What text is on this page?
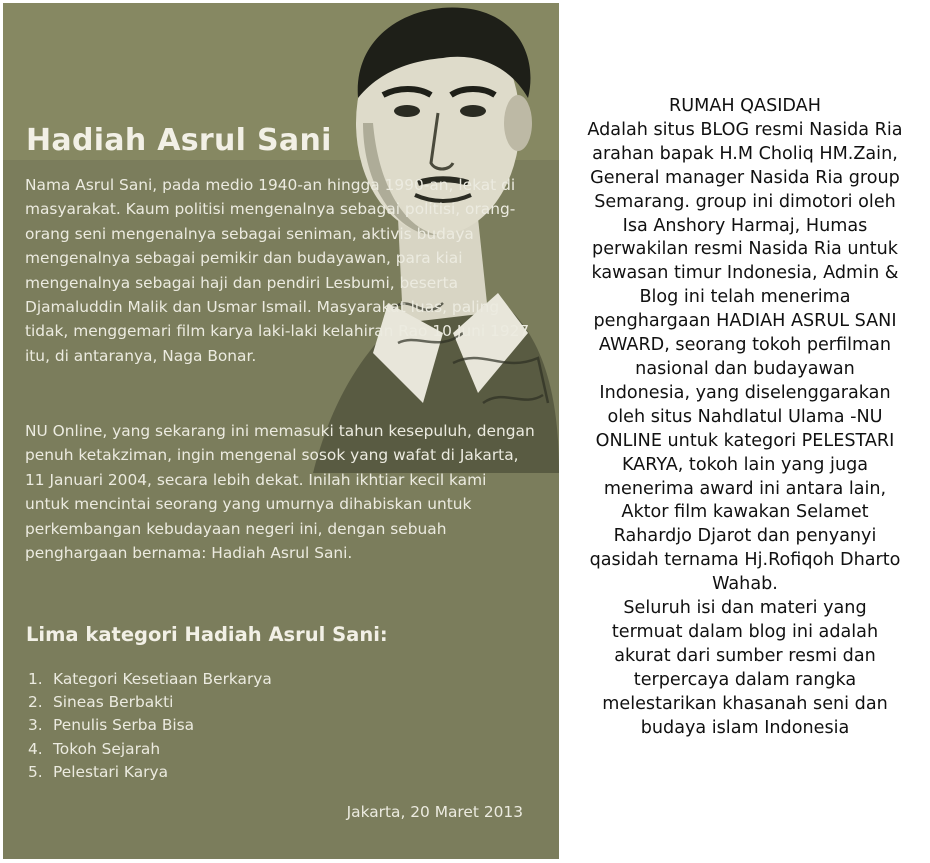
Hadiah Asrul Sani

Nama Asrul Sani, pada medio 1940-an hingga 1990-an, lekat di masyarakat. Kaum politisi mengenalnya sebagai politisi, orang-orang seni mengenalnya sebagai seniman, aktivis budaya mengenalnya sebagai pemikir dan budayawan, para kiai mengenalnya sebagai haji dan pendiri Lesbumi, beserta Djamaluddin Malik dan Usmar Ismail. Masyarakat luas, paling tidak, menggemari film karya laki-laki kelahiran Rao 10 Juni 1927 itu, di antaranya, Naga Bonar.

NU Online, yang sekarang ini memasuki tahun kesepuluh, dengan penuh ketakziman, ingin mengenal sosok yang wafat di Jakarta, 11 Januari 2004, secara lebih dekat. Inilah ikhtiar kecil kami untuk mencintai seorang yang umurnya dihabiskan untuk perkembangan kebudayaan negeri ini, dengan sebuah penghargaan bernama: Hadiah Asrul Sani.

Lima kategori Hadiah Asrul Sani:
1. Kategori Kesetiaan Berkarya
2. Sineas Berbakti
3. Penulis Serba Bisa
4. Tokoh Sejarah
5. Pelestari Karya
Jakarta, 20 Maret 2013

RUMAH QASIDAH
Adalah situs BLOG resmi Nasida Ria
arahan bapak H.M Choliq HM.Zain,
General manager Nasida Ria group
Semarang. group ini dimotori oleh
Isa Anshory Harmaj, Humas
perwakilan resmi Nasida Ria untuk
kawasan timur Indonesia, Admin &
Blog ini telah menerima
penghargaan HADIAH ASRUL SANI
AWARD, seorang tokoh perfilman
nasional dan budayawan
Indonesia, yang diselenggarakan
oleh situs Nahdlatul Ulama -NU
ONLINE untuk kategori PELESTARI
KARYA, tokoh lain yang juga
menerima award ini antara lain,
Aktor film kawakan Selamet
Rahardjo Djarot dan penyanyi
qasidah ternama Hj.Rofiqoh Dharto
Wahab.
Seluruh isi dan materi yang
termuat dalam blog ini adalah
akurat dari sumber resmi dan
terpercaya dalam rangka
melestarikan khasanah seni dan
budaya islam Indonesia
